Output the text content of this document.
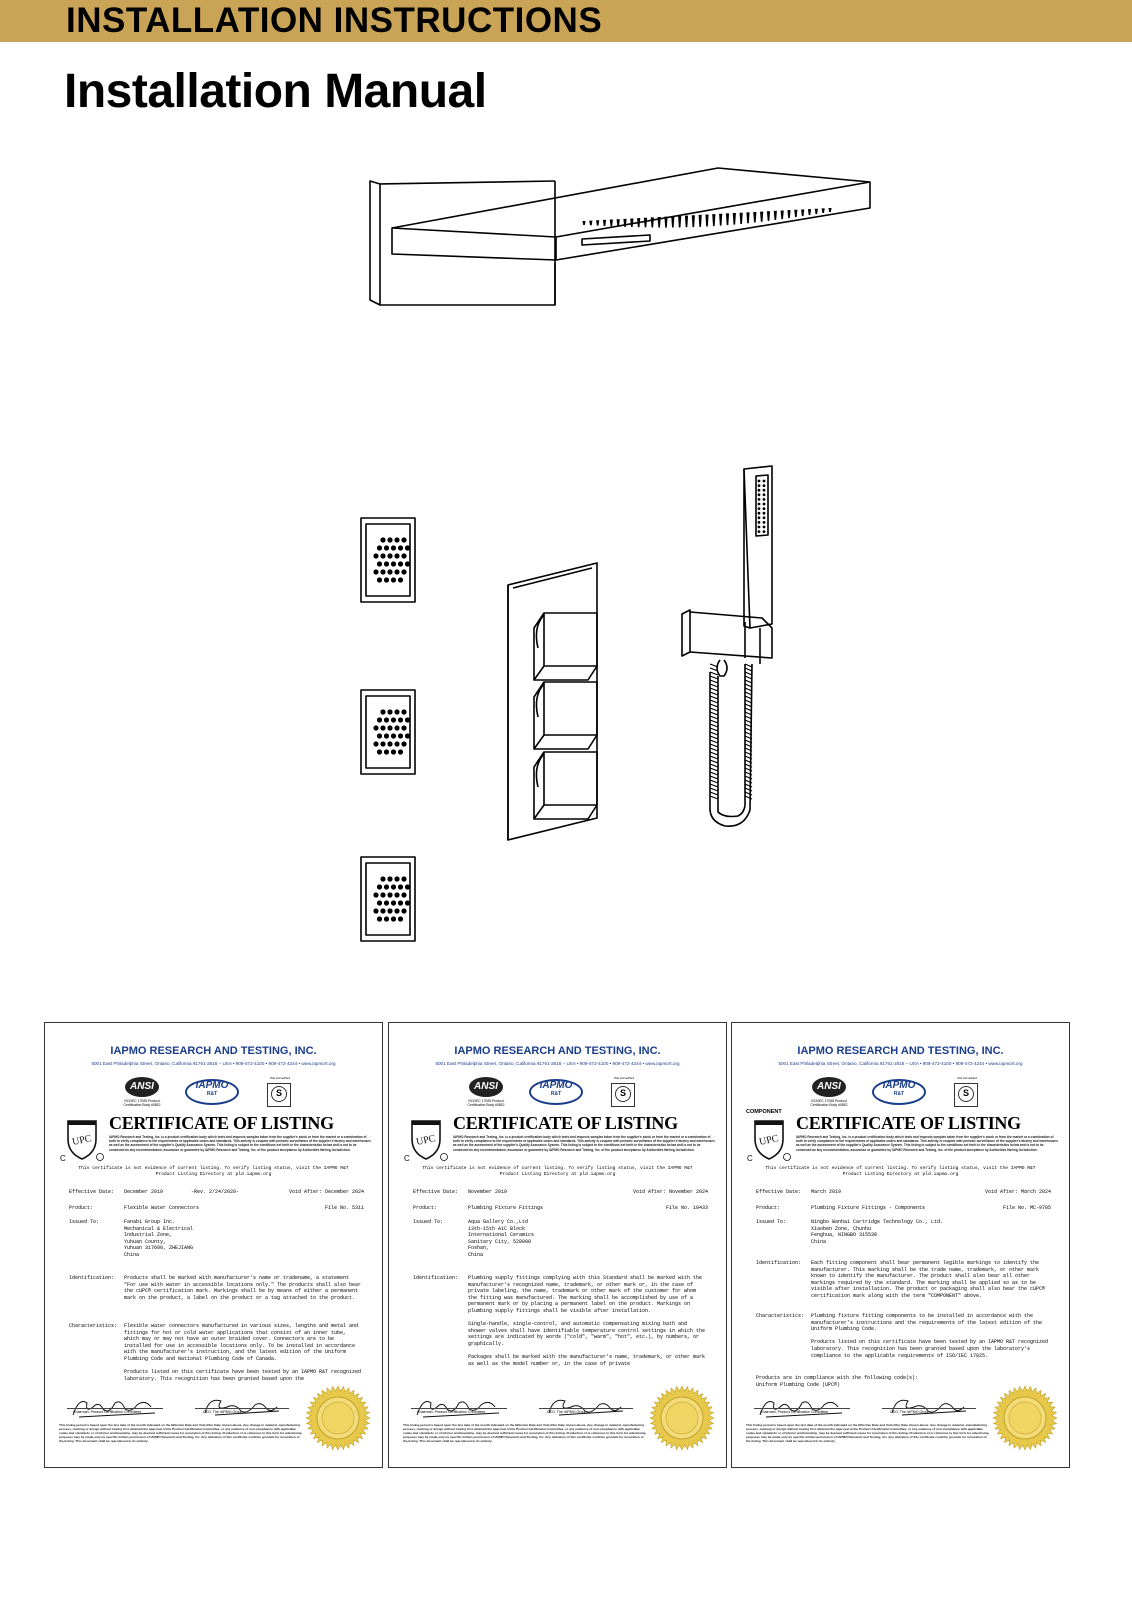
INSTALLATION INSTRUCTIONS
Installation Manual
IAPMO RESEARCH AND TESTING, INC.
5001 East Philadelphia Street, Ontario, California 91761-2816 – USA • 909-472-4100 • 909-472-4244 • www.iapmort.org
ANSI
ISO/IEC 17065 Product Certification Body #0852
IAPMO
R&T
ISO Accredited
S
UPC
C
CERTIFICATE OF LISTING
IAPMO Research and Testing, Inc. is a product certification body which tests and inspects samples taken from the supplier's stock or from the market or a combination of both to verify compliance to the requirements of applicable codes and standards. This activity is coupled with periodic surveillance of the supplier's factory and warehouses as well as the assessment of the supplier's Quality Assurance System. This listing is subject to the conditions set forth in the characteristics below and is not to be construed as any recommendation, assurance or guarantee by IAPMO Research and Testing, Inc. of the product acceptance by Authorities Having Jurisdiction.
This certificate is not evidence of current listing. To verify listing status, visit the IAPMO R&T
Product Listing Directory at pld.iapmo.org
Effective Date: December 2019	-Rev. 2/24/2020-	Void After: December 2024
Product:	Flexible Water Connectors	File No. 5311
Issued To:	Fanabi Group Inc.
Mechanical & Electrical
Industrial Zone,
Yuhuan County,
Yuhuan 317600, ZHEJIANG
China
Identification:	Products shall be marked with manufacturer's name or tradename, a statement "For use with water in accessible locations only." The products shall also bear the cUPC® certification mark. Markings shall be by means of either a permanent mark on the product, a label on the product or a tag attached to the product.
Characteristics:	Flexible water connectors manufactured in various sizes, lengths and metal and fittings for hot or cold water applications that consist of an inner tube, which may or may not have an outer braided cover. Connectors are to be installed for use in accessible locations only. To be installed in accordance with the manufacturer's instruction, and the latest edition of the Uniform Plumbing Code and National Plumbing Code of Canada.

Products listed on this certificate have been tested by an IAPMO R&T recognized laboratory. This recognition has been granted based upon the
Chairman, Product Certification Committee	CEO, The IAPMO Group
This listing period is based upon the last date of the month indicated on the Effective Date and Void After Date shown above. Any change in material, manufacturing process, marking or design without having first obtained the approval of the Product Certification Committee, or any evidence of non-compliance with applicable codes and standards or of inferior workmanship, may be deemed sufficient cause for revocation of this listing. Production of or reference to this form for advertising purposes may be made only by specific written permission of IAPMO Research and Testing, Inc. Any alteration of this certificate could be grounds for revocation of the listing. This document shall be reproduced in its entirety.
IAPMO RESEARCH AND TESTING, INC.
5001 East Philadelphia Street, Ontario, California 91761-2816 – USA • 909-472-4100 • 909-472-4244 • www.iapmort.org
ANSI
ISO/IEC 17065 Product Certification Body #0852
IAPMO
R&T
ISO Accredited
S
UPC
C
CERTIFICATE OF LISTING
IAPMO Research and Testing, Inc. is a product certification body which tests and inspects samples taken from the supplier's stock or from the market or a combination of both to verify compliance to the requirements of applicable codes and standards. This activity is coupled with periodic surveillance of the supplier's factory and warehouses as well as the assessment of the supplier's Quality Assurance System. This listing is subject to the conditions set forth in the characteristics below and is not to be construed as any recommendation, assurance or guarantee by IAPMO Research and Testing, Inc. of the product acceptance by Authorities Having Jurisdiction.
This certificate is not evidence of current listing. To verify listing status, visit the IAPMO R&T
Product Listing Directory at pld.iapmo.org
Effective Date: November 2019	Void After: November 2024
Product:	Plumbing Fixture Fittings	File No. 10433
Issued To:	Aqua Gallery Co.,Ltd
13th-15th A1C Block
International Ceramics
Sanitary City, 528000
Foshan,
China
Identification:	Plumbing supply fittings complying with this Standard shall be marked with the manufacturer's recognized name, trademark, or other mark or, in the case of private labeling, the name, trademark or other mark of the customer for whom the fitting was manufactured. The marking shall be accomplished by use of a permanent mark or by placing a permanent label on the product. Markings on plumbing supply fittings shall be visible after installation.

Single-handle, single-control, and automatic compensating mixing bath and shower valves shall have identifiable temperature control settings in which the settings are indicated by words ("cold", "warm", "hot", etc.), by numbers, or graphically.

Packages shall be marked with the manufacturer's name, trademark, or other mark as well as the model number or, in the case of private
Chairman, Product Certification Committee	CEO, The IAPMO Group
This listing period is based upon the last date of the month indicated on the Effective Date and Void After Date shown above. Any change in material, manufacturing process, marking or design without having first obtained the approval of the Product Certification Committee, or any evidence of non-compliance with applicable codes and standards or of inferior workmanship, may be deemed sufficient cause for revocation of this listing. Production of or reference to this form for advertising purposes may be made only by specific written permission of IAPMO Research and Testing, Inc. Any alteration of this certificate could be grounds for revocation of the listing. This document shall be reproduced in its entirety.
IAPMO RESEARCH AND TESTING, INC.
5001 East Philadelphia Street, Ontario, California 91761-2816 – USA • 909-472-4100 • 909-472-4244 • www.iapmort.org
ANSI
ISO/IEC 17065 Product Certification Body #0852
IAPMO
R&T
ISO Accredited
S
COMPONENT
UPC
C
CERTIFICATE OF LISTING
IAPMO Research and Testing, Inc. is a product certification body which tests and inspects samples taken from the supplier's stock or from the market or a combination of both to verify compliance to the requirements of applicable codes and standards. This activity is coupled with periodic surveillance of the supplier's factory and warehouses as well as the assessment of the supplier's Quality Assurance System. This listing is subject to the conditions set forth in the characteristics below and is not to be construed as any recommendation, assurance or guarantee by IAPMO Research and Testing, Inc. of the product acceptance by Authorities Having Jurisdiction.
This certificate is not evidence of current listing. To verify listing status, visit the IAPMO R&T
Product Listing Directory at pld.iapmo.org
Effective Date: March 2019	Void After: March 2024
Product:	Plumbing Fixture Fittings - Components	File No. MC-9705
Issued To:	Ningbo Wanhai Cartridge Technology Co., Ltd.
Xiaoben Zone, Chunhu
Fenghua, NINGBO 315538
China
Identification:	Each fitting component shall bear permanent legible markings to identify the manufacturer. This marking shall be the trade name, trademark, or other mark known to identify the manufacturer. The product shall also bear all other markings required by the standard. The marking shall be applied so as to be visible after installation. The product or packaging shall also bear the cUPC® certification mark along with the term "COMPONENT" above.
Characteristics:	Plumbing fixture fitting components to be installed in accordance with the manufacturer's instructions and the requirements of the latest edition of the Uniform Plumbing Code.

Products listed on this certificate have been tested by an IAPMO R&T recognized laboratory. This recognition has been granted based upon the laboratory's compliance to the applicable requirements of ISO/IEC 17025.
Products are in compliance with the following code(s):
Uniform Plumbing Code (UPC®)
Chairman, Product Certification Committee	CEO, The IAPMO Group
This listing period is based upon the last date of the month indicated on the Effective Date and Void After Date shown above. Any change in material, manufacturing process, marking or design without having first obtained the approval of the Product Certification Committee, or any evidence of non-compliance with applicable codes and standards or of inferior workmanship, may be deemed sufficient cause for revocation of this listing. Production of or reference to this form for advertising purposes may be made only by specific written permission of IAPMO Research and Testing, Inc. Any alteration of this certificate could be grounds for revocation of the listing. This document shall be reproduced in its entirety.
